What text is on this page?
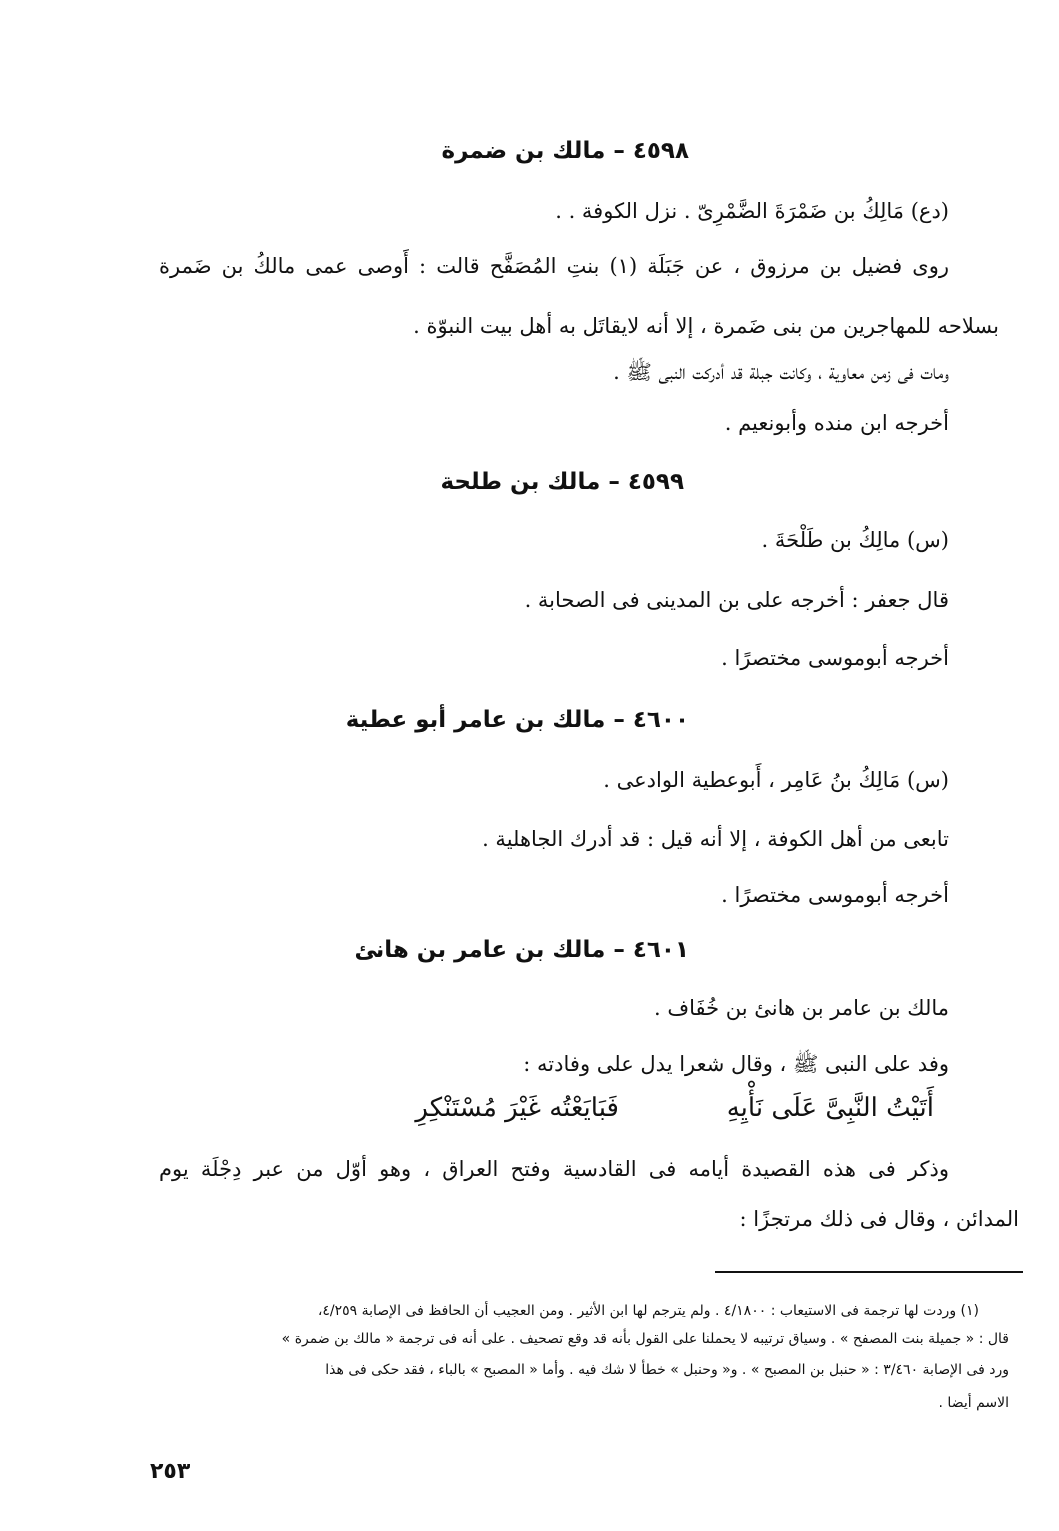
٤٥٩٨ – مالك بن ضمرة
(دع) مَالِكُ بن ضَمْرَةَ الضَّمْرِىّ . نزل الكوفة . .
روى فضيل بن مرزوق ، عن جَبَلَة (١) بنتِ المُصَفَّح قالت : أَوصى عمى مالكُ بن ضَمرة
بسلاحه للمهاجرين من بنى ضَمرة ، إلا أنه لايقاتَل به أهل بيت النبوّة .
ومات فى زمن معاوية ، وكانت جبلة قد أدركت النبى ﷺ .
أخرجه ابن منده وأبونعيم .
٤٥٩٩ – مالك بن طلحة
(س) مالِكُ بن طَلْحَةَ .
قال جعفر : أخرجه على بن المدينى فى الصحابة .
أخرجه أبوموسى مختصرًا .
٤٦٠٠ – مالك بن عامر أبو عطية
(س) مَالِكُ بنُ عَامِر ، أَبوعطية الوادعى .
تابعى من أهل الكوفة ، إلا أنه قيل : قد أدرك الجاهلية .
أخرجه أبوموسى مختصرًا .
٤٦٠١ – مالك بن عامر بن هانئ
مالك بن عامر بن هانئ بن خُفَاف .
وفد على النبى ﷺ ، وقال شعرا يدل على وفادته :
أَتَيْتُ النَّبِىَّ عَلَى نَأْيِهِ
فَبَايَعْتُه غَيْرَ مُسْتَنْكِرِ
وذكر فى هذه القصيدة أيامه فى القادسية وفتح العراق ، وهو أوّل من عبر دِجْلَة يوم
المدائن ، وقال فى ذلك مرتجزًا :
(١) وردت لها ترجمة فى الاستيعاب : ٤/١٨٠٠ . ولم يترجم لها ابن الأثير . ومن العجيب أن الحافظ فى الإصابة ٤/٢٥٩،
قال : « جميلة بنت المصفح » . وسياق ترتيبه لا يحملنا على القول بأنه قد وقع تصحيف . على أنه فى ترجمة « مالك بن ضمرة »
ورد فى الإصابة ٣/٤٦٠ : « حنبل بن المصبح » . و« وحنبل » خطأ لا شك فيه . وأما « المصبح » بالباء ، فقد حكى فى هذا
الاسم أيضا .
٢٥٣
